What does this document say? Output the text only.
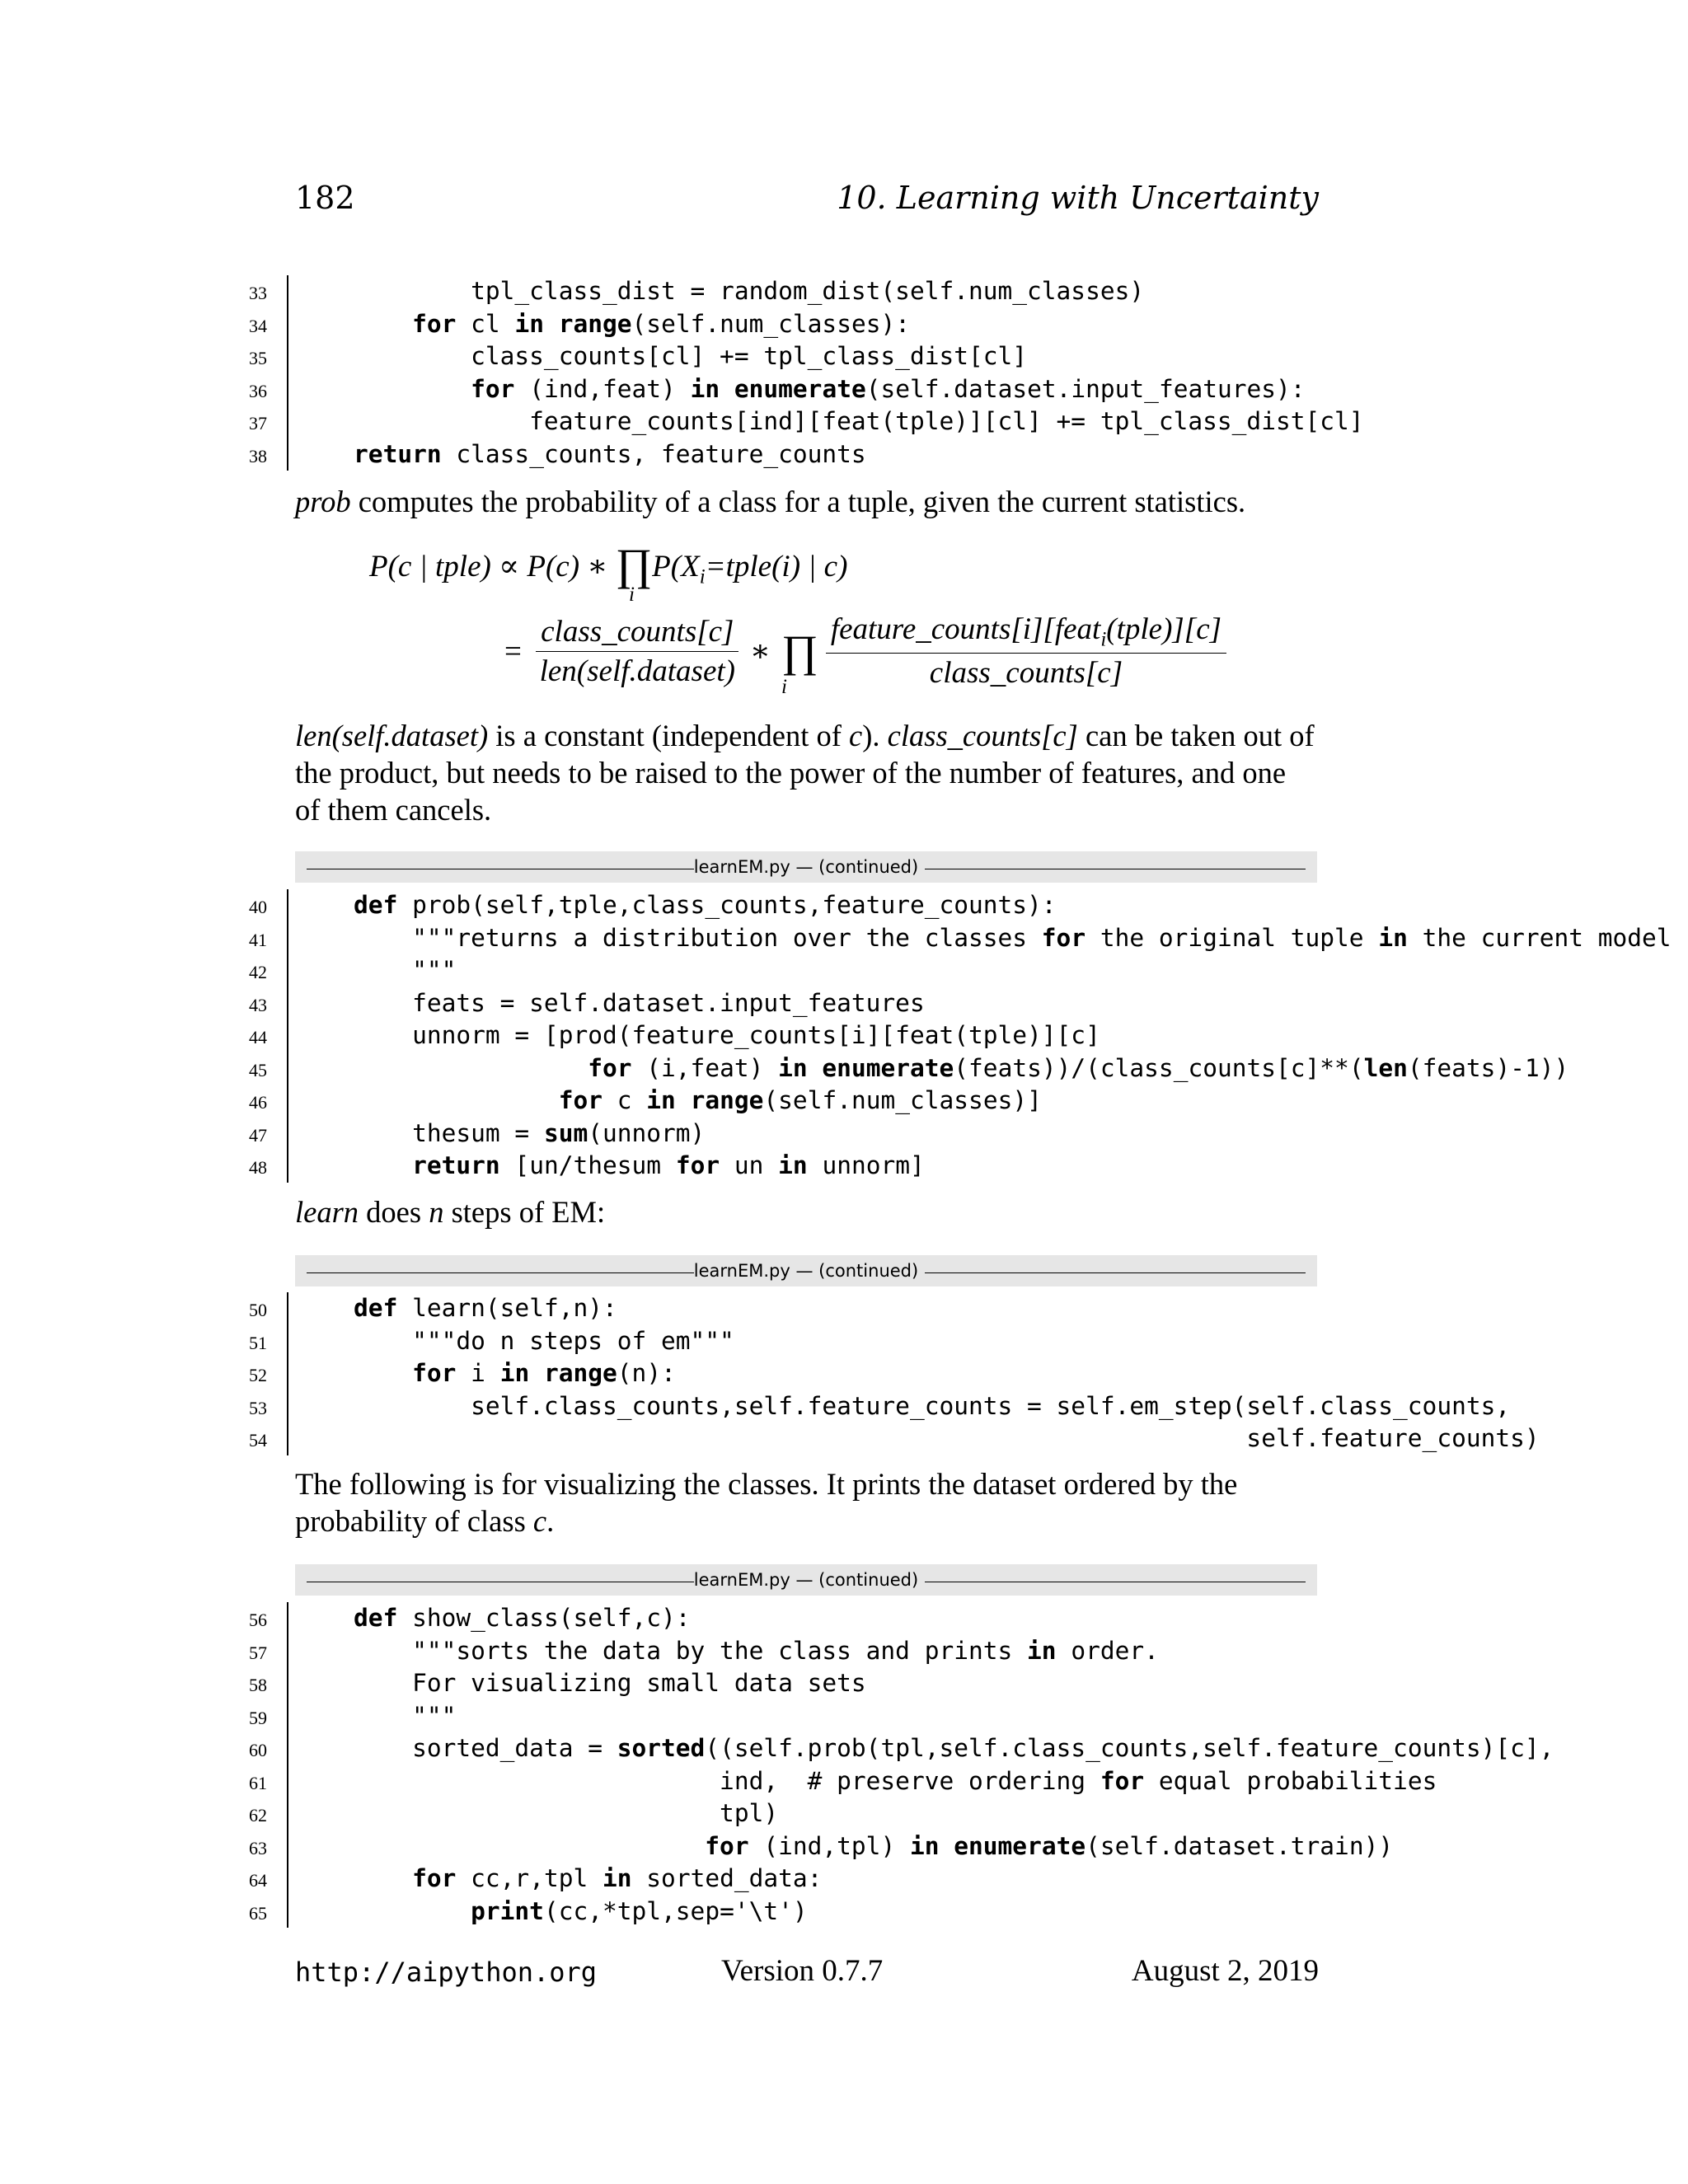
182	10. Learning with Uncertainty
33 tpl_class_dist = random_dist(self.num_classes)
34	for cl in range(self.num_classes):
35 class_counts[cl] += tpl_class_dist[cl]
36	for (ind,feat) in enumerate(self.dataset.input_features):
37 feature_counts[ind][feat(tple)][cl] += tpl_class_dist[cl]
38	return class_counts, feature_counts
prob computes the probability of a class for a tuple, given the current statistics.
P(c | tple) ∝ P(c) ∗ $\prod P(X_i=tple(i)$ | c)
i
= $\frac{\text{class\_counts[c]}}{\text{len(self.dataset)}}$ ∗ ∏ $\frac{feature\_counts[i][feat_i(tple)][c]}{\text{class\_counts[c]}}$
i
len(self.dataset) is a constant (independent of c). class_counts[c] can be taken out of the product, but needs to be raised to the power of the number of features, and one of them cancels.
learnEM.py — (continued)
40	def prob(self,tple,class_counts,feature_counts):
41 """returns a distribution over the classes for the original tuple in the current model
42 """
43 feats = self.dataset.input_features
44 unnorm = [prod(feature_counts[i][feat(tple)][c]
45	for (i,feat) in enumerate(feats))/(class_counts[c]**(len(feats)-1))
46	for c in range(self.num_classes)]
47 thesum = sum(unnorm)
48	return [un/thesum for un in unnorm]
learn does n steps of EM:
learnEM.py — (continued)
50	def learn(self,n):
51 """do n steps of em"""
52	for i in range(n):
53 self.class_counts,self.feature_counts = self.em_step(self.class_counts,
54 self.feature_counts)
The following is for visualizing the classes. It prints the dataset ordered by the probability of class c.
learnEM.py — (continued)
56	def show_class(self,c):
57 """sorts the data by the class and prints in order.
58 For visualizing small data sets
59 """
60 sorted_data = sorted((self.prob(tpl,self.class_counts,self.feature_counts)[c],
61 ind,  # preserve ordering for equal probabilities
62 tpl)
63	for (ind,tpl) in enumerate(self.dataset.train))
64	for cc,r,tpl in sorted_data:
65	print(cc,*tpl,sep='\t')
http://aipython.org	Version 0.7.7	August 2, 2019
